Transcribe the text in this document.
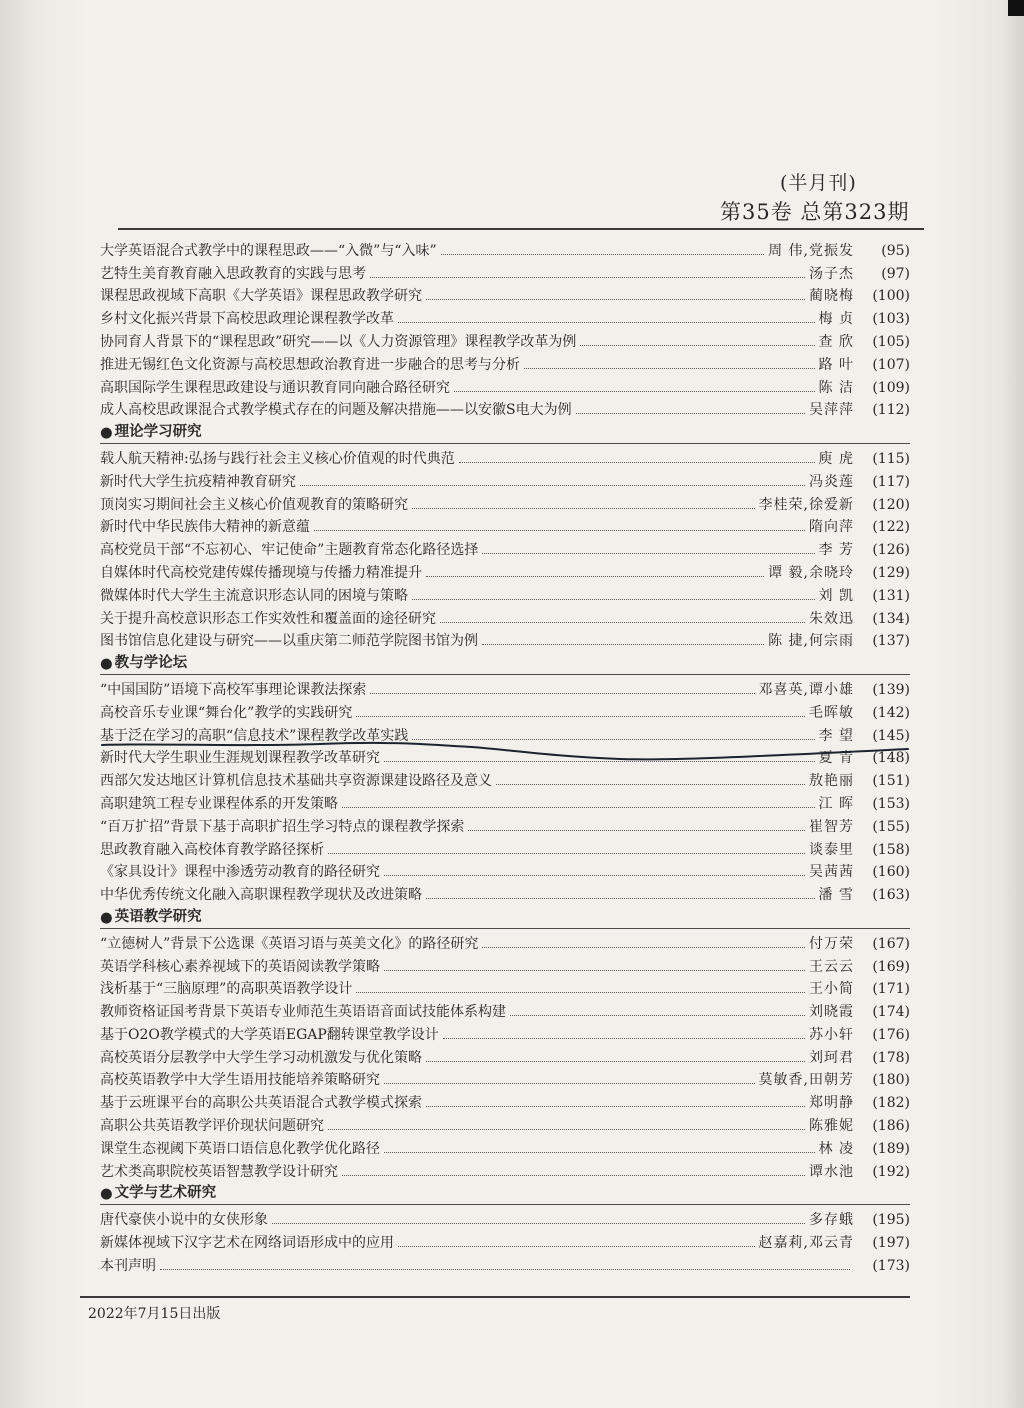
(半月刊)
第35卷 总第323期
大学英语混合式教学中的课程思政——“入微”与“入味”	周 伟,党振发	(95)
艺特生美育教育融入思政教育的实践与思考	汤子杰	(97)
课程思政视域下高职《大学英语》课程思政教学研究	蔺晓梅	(100)
乡村文化振兴背景下高校思政理论课程教学改革	梅 贞	(103)
协同育人背景下的“课程思政”研究——以《人力资源管理》课程教学改革为例	查 欣	(105)
推进无锡红色文化资源与高校思想政治教育进一步融合的思考与分析	路 叶	(107)
高职国际学生课程思政建设与通识教育同向融合路径研究	陈 洁	(109)
成人高校思政课混合式教学模式存在的问题及解决措施——以安徽S电大为例	吴萍萍	(112)
● 理论学习研究
载人航天精神:弘扬与践行社会主义核心价值观的时代典范	庾 虎	(115)
新时代大学生抗疫精神教育研究	冯炎莲	(117)
顶岗实习期间社会主义核心价值观教育的策略研究	李桂荣,徐爱新	(120)
新时代中华民族伟大精神的新意蕴	隋向萍	(122)
高校党员干部“不忘初心、牢记使命”主题教育常态化路径选择	李 芳	(126)
自媒体时代高校党建传媒传播现境与传播力精准提升	谭 毅,余晓玲	(129)
微媒体时代大学生主流意识形态认同的困境与策略	刘 凯	(131)
关于提升高校意识形态工作实效性和覆盖面的途径研究	朱效迅	(134)
图书馆信息化建设与研究——以重庆第二师范学院图书馆为例	陈 捷,何宗雨	(137)
● 教与学论坛
“中国国防”语境下高校军事理论课教法探索	邓喜英,谭小雄	(139)
高校音乐专业课“舞台化”教学的实践研究	毛晖敏	(142)
基于泛在学习的高职“信息技术”课程教学改革实践	李 望	(145)
新时代大学生职业生涯规划课程教学改革研究	夏 青	(148)
西部欠发达地区计算机信息技术基础共享资源课建设路径及意义	敖艳丽	(151)
高职建筑工程专业课程体系的开发策略	江 晖	(153)
“百万扩招”背景下基于高职扩招生学习特点的课程教学探索	崔智芳	(155)
思政教育融入高校体育教学路径探析	谈泰里	(158)
《家具设计》课程中渗透劳动教育的路径研究	吴茜茜	(160)
中华优秀传统文化融入高职课程教学现状及改进策略	潘 雪	(163)
● 英语教学研究
“立德树人”背景下公选课《英语习语与英美文化》的路径研究	付万荣	(167)
英语学科核心素养视域下的英语阅读教学策略	王云云	(169)
浅析基于“三脑原理”的高职英语教学设计	王小简	(171)
教师资格证国考背景下英语专业师范生英语语音面试技能体系构建	刘晓霞	(174)
基于O2O教学模式的大学英语EGAP翻转课堂教学设计	苏小轩	(176)
高校英语分层教学中大学生学习动机激发与优化策略	刘珂君	(178)
高校英语教学中大学生语用技能培养策略研究	莫敏香,田朝芳	(180)
基于云班课平台的高职公共英语混合式教学模式探索	郑明静	(182)
高职公共英语教学评价现状问题研究	陈雅妮	(186)
课堂生态视阈下英语口语信息化教学优化路径	林 凌	(189)
艺术类高职院校英语智慧教学设计研究	谭水池	(192)
● 文学与艺术研究
唐代豪侠小说中的女侠形象	多存蛾	(195)
新媒体视域下汉字艺术在网络词语形成中的应用	赵嘉莉,邓云青	(197)
本刊声明	(173)
2022年7月15日出版
